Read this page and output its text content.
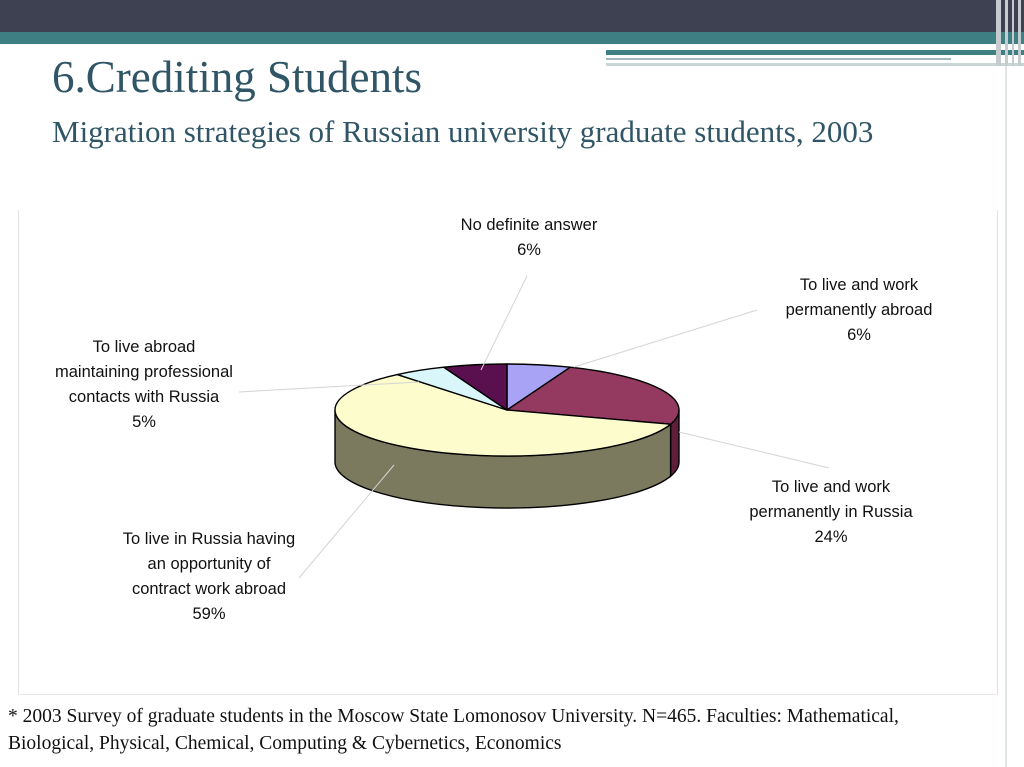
6.Crediting Students

Migration strategies of Russian university graduate students, 2003

To live and work permanently abroad 6%
To live and work permanently in Russia 24%
To live in Russia having an opportunity of contract work abroad 59%
To live abroad maintaining professional contacts with Russia 5%
No definite answer 6%

* 2003 Survey of graduate students in the Moscow State Lomonosov University. N=465. Faculties: Mathematical,
Biological, Physical, Chemical, Computing & Cybernetics, Economics
